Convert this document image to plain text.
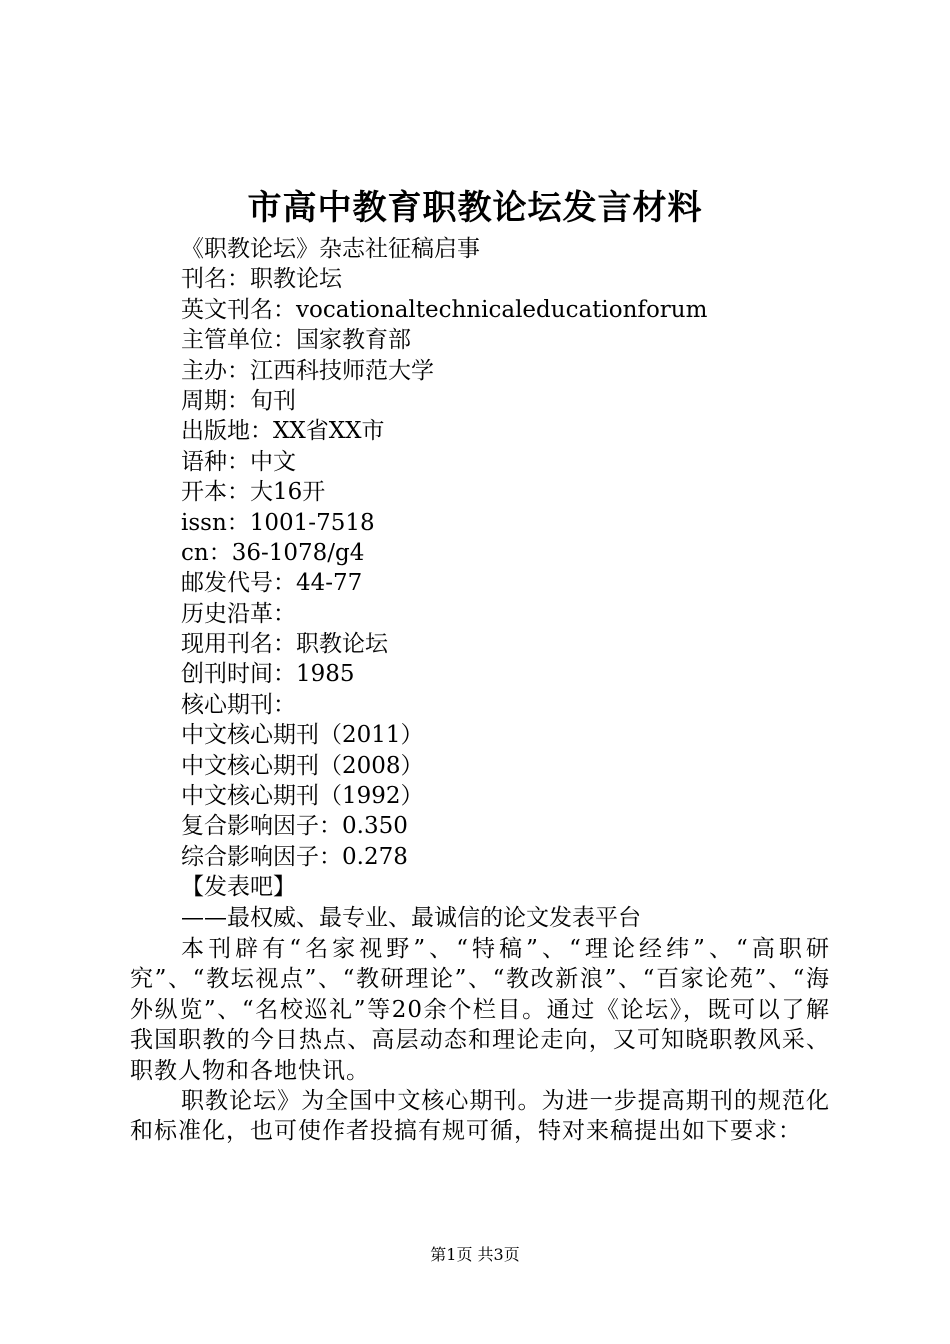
市高中教育职教论坛发言材料
《职教论坛》杂志社征稿启事
刊名：职教论坛
英文刊名：vocationaltechnicaleducationforum
主管单位：国家教育部
主办：江西科技师范大学
周期：旬刊
出版地：XX省XX市
语种：中文
开本：大16开
issn：1001-7518
cn：36-1078/g4
邮发代号：44-77
历史沿革：
现用刊名：职教论坛
创刊时间：1985
核心期刊：
中文核心期刊（2011）
中文核心期刊（2008）
中文核心期刊（1992）
复合影响因子：0.350
综合影响因子：0.278
【发表吧】
——最权威、最专业、最诚信的论文发表平台

本刊辟有“名家视野”、“特稿”、“理论经纬”、“高职研究”、“教坛视点”、“教研理论”、“教改新浪”、“百家论苑”、“海外纵览”、“名校巡礼”等20余个栏目。通过《论坛》，既可以了解我国职教的今日热点、高层动态和理论走向，又可知晓职教风采、职教人物和各地快讯。

职教论坛》为全国中文核心期刊。为进一步提高期刊的规范化和标准化，也可使作者投搞有规可循，特对来稿提出如下要求：

第1页 共3页
